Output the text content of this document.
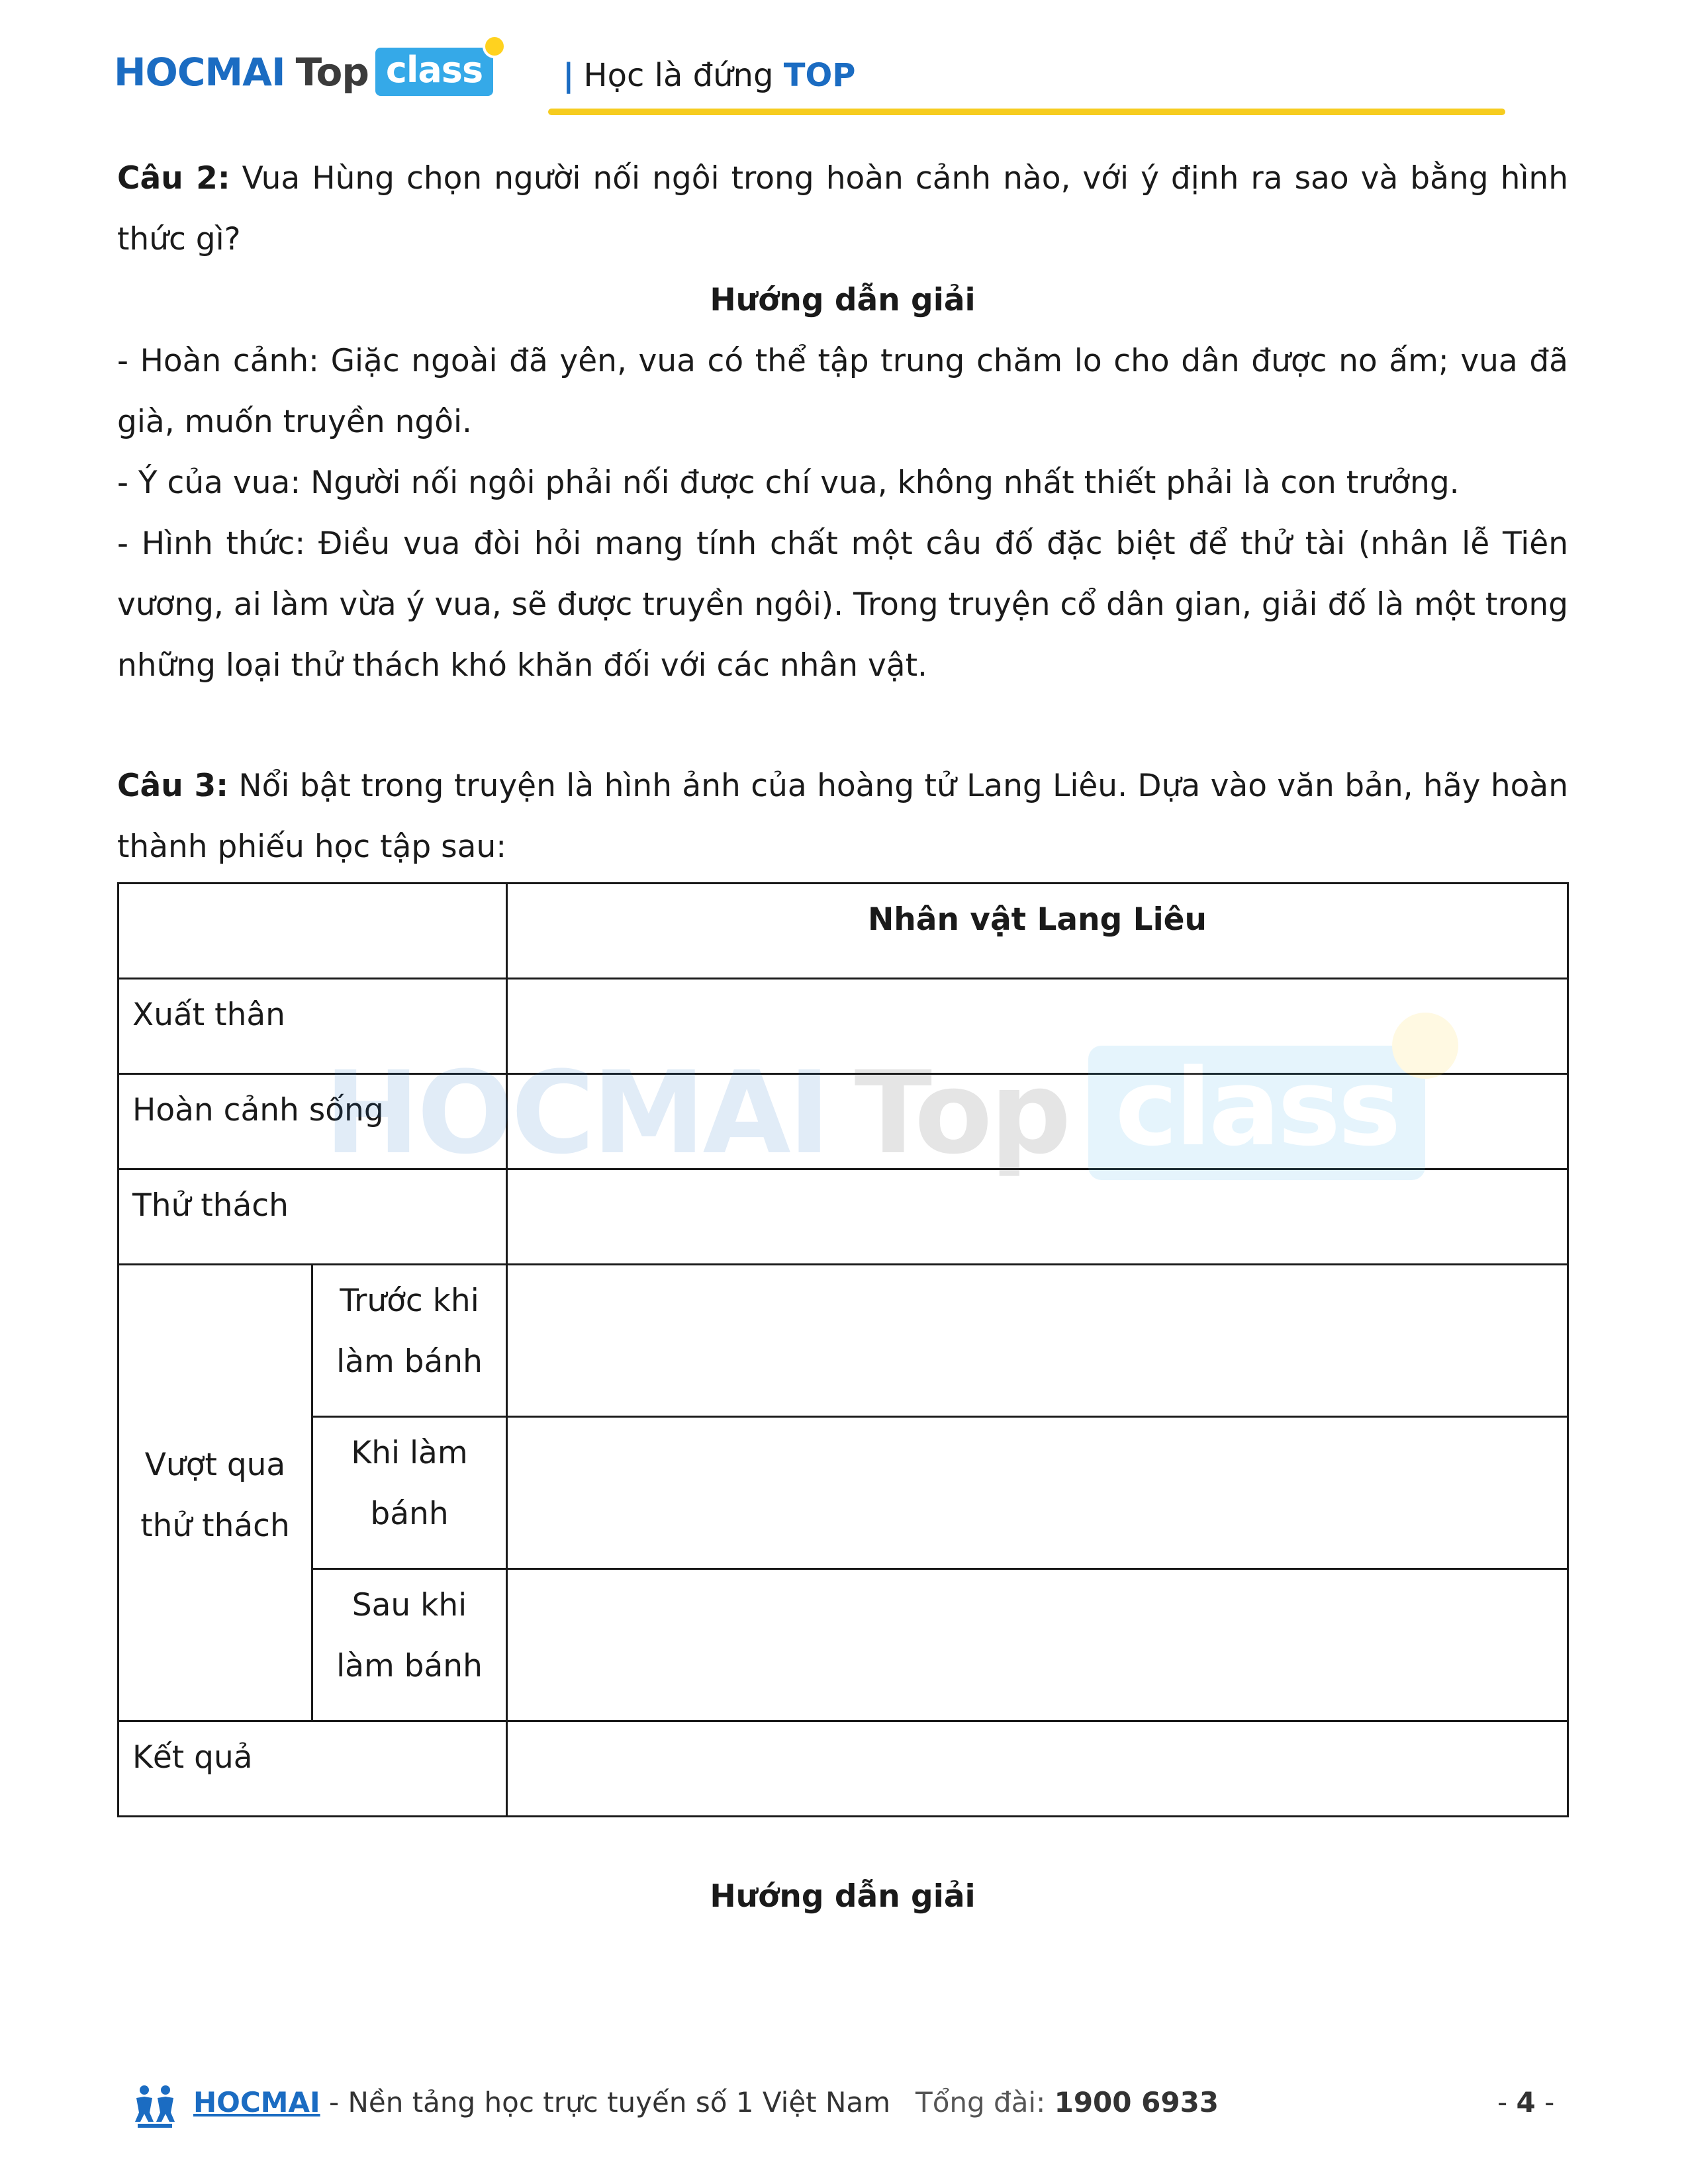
HOCMAI Top class	| Học là đứng TOP

Câu 2: Vua Hùng chọn người nối ngôi trong hoàn cảnh nào, với ý định ra sao và bằng hình thức gì?

Hướng dẫn giải

- Hoàn cảnh: Giặc ngoài đã yên, vua có thể tập trung chăm lo cho dân được no ấm; vua đã già, muốn truyền ngôi.

- Ý của vua: Người nối ngôi phải nối được chí vua, không nhất thiết phải là con trưởng.

- Hình thức: Điều vua đòi hỏi mang tính chất một câu đố đặc biệt để thử tài (nhân lễ Tiên vương, ai làm vừa ý vua, sẽ được truyền ngôi). Trong truyện cổ dân gian, giải đố là một trong những loại thử thách khó khăn đối với các nhân vật.

Câu 3: Nổi bật trong truyện là hình ảnh của hoàng tử Lang Liêu. Dựa vào văn bản, hãy hoàn thành phiếu học tập sau:

		Nhân vật Lang Liêu
Xuất thân		
Hoàn cảnh sống		
Thử thách		
Vượt qua thử thách	Trước khi làm bánh	
	Khi làm bánh	
	Sau khi làm bánh	
Kết quả		
HOCMAI Top class

Hướng dẫn giải

HOCMAI - Nền tảng học trực tuyến số 1 Việt Nam Tổng đài: 1900 6933	- 4 -
